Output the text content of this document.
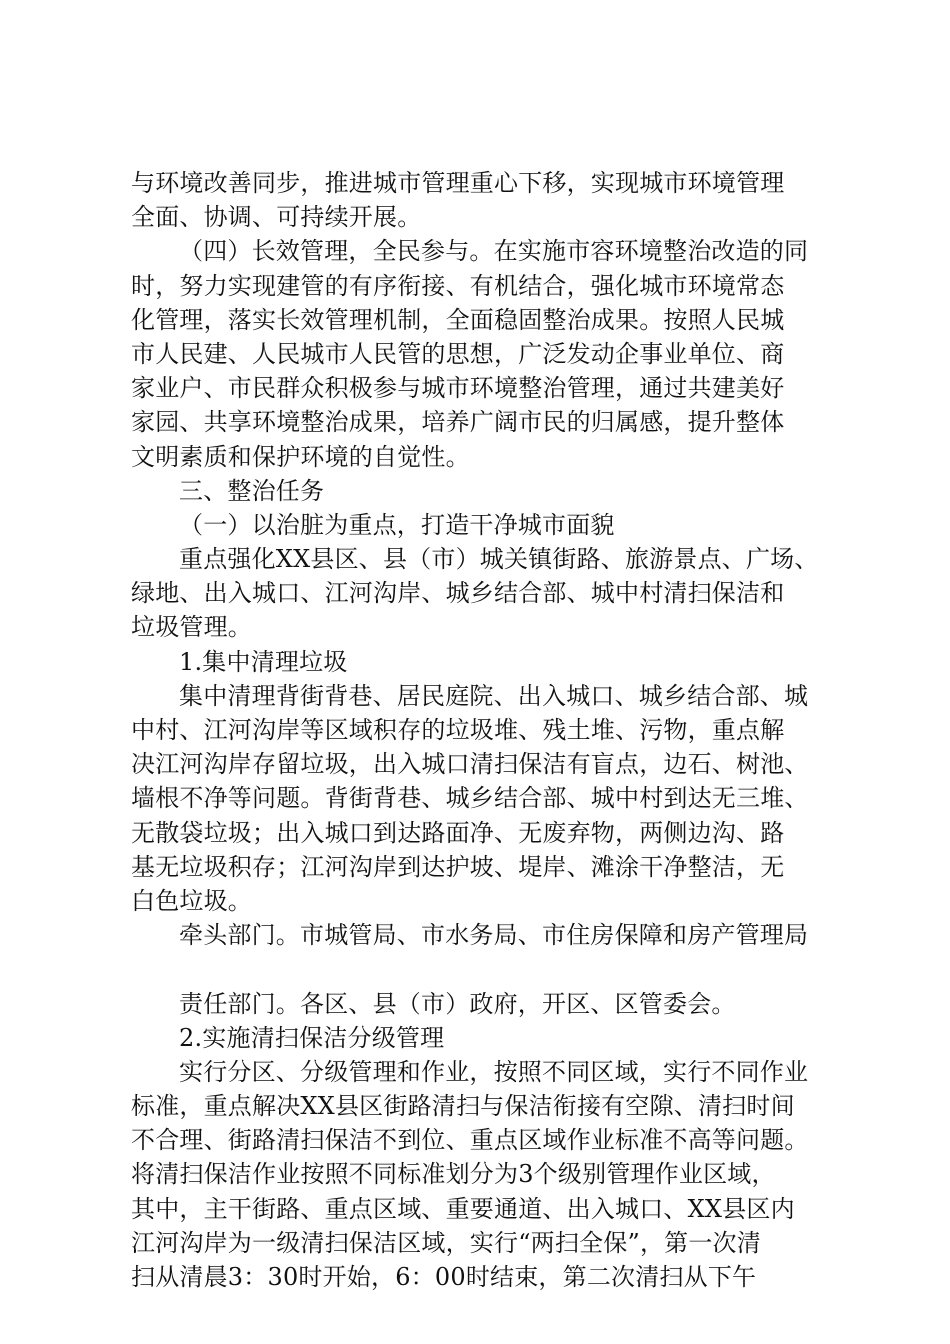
与环境改善同步，推进城市管理重心下移，实现城市环境管理
全面、协调、可持续开展。
（四）长效管理，全民参与。在实施市容环境整治改造的同
时，努力实现建管的有序衔接、有机结合，强化城市环境常态
化管理，落实长效管理机制，全面稳固整治成果。按照人民城
市人民建、人民城市人民管的思想，广泛发动企事业单位、商
家业户、市民群众积极参与城市环境整治管理，通过共建美好
家园、共享环境整治成果，培养广阔市民的归属感，提升整体
文明素质和保护环境的自觉性。
三、整治任务
（一）以治脏为重点，打造干净城市面貌
重点强化XX县区、县（市）城关镇街路、旅游景点、广场、
绿地、出入城口、江河沟岸、城乡结合部、城中村清扫保洁和
垃圾管理。
1.集中清理垃圾
集中清理背街背巷、居民庭院、出入城口、城乡结合部、城
中村、江河沟岸等区域积存的垃圾堆、残土堆、污物，重点解
决江河沟岸存留垃圾，出入城口清扫保洁有盲点，边石、树池、
墙根不净等问题。背街背巷、城乡结合部、城中村到达无三堆、
无散袋垃圾；出入城口到达路面净、无废弃物，两侧边沟、路
基无垃圾积存；江河沟岸到达护坡、堤岸、滩涂干净整洁，无
白色垃圾。
牵头部门。市城管局、市水务局、市住房保障和房产管理局
责任部门。各区、县（市）政府，开区、区管委会。
2.实施清扫保洁分级管理
实行分区、分级管理和作业，按照不同区域，实行不同作业
标准，重点解决XX县区街路清扫与保洁衔接有空隙、清扫时间
不合理、街路清扫保洁不到位、重点区域作业标准不高等问题。
将清扫保洁作业按照不同标准划分为3个级别管理作业区域，
其中，主干街路、重点区域、重要通道、出入城口、XX县区内
江河沟岸为一级清扫保洁区域，实行“两扫全保”，第一次清
扫从清晨3：30时开始，6：00时结束，第二次清扫从下午
